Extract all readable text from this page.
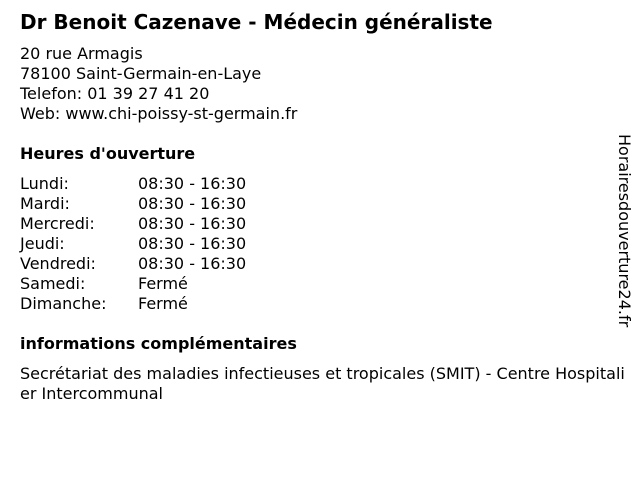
Dr Benoit Cazenave - Médecin généraliste
20 rue Armagis
78100 Saint-Germain-en-Laye
Telefon: 01 39 27 41 20
Web: www.chi-poissy-st-germain.fr
Heures d'ouverture
Lundi:	08:30 - 16:30
Mardi:	08:30 - 16:30
Mercredi:	08:30 - 16:30
Jeudi:	08:30 - 16:30
Vendredi:	08:30 - 16:30
Samedi:	Fermé
Dimanche: Fermé
informations complémentaires
Secrétariat des maladies infectieuses et tropicales (SMIT) - Centre Hospitalier Intercommunal
Horairesdouverture24.fr
